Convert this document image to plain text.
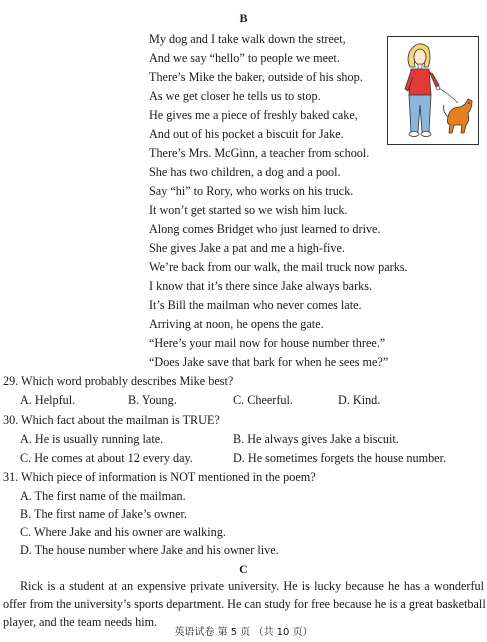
B
My dog and I take walk down the street,
And we say “hello” to people we meet.
There’s Mike the baker, outside of his shop.
As we get closer he tells us to stop.
He gives me a piece of freshly baked cake,
And out of his pocket a biscuit for Jake.
There’s Mrs. McGinn, a teacher from school.
She has two children, a dog and a pool.
Say “hi” to Rory, who works on his truck.
It won’t get started so we wish him luck.
Along comes Bridget who just learned to drive.
She gives Jake a pat and me a high-five.
We’re back from our walk, the mail truck now parks.
I know that it’s there since Jake always barks.
It’s Bill the mailman who never comes late.
Arriving at noon, he opens the gate.
“Here’s your mail now for house number three.”
“Does Jake save that bark for when he sees me?”
29. Which word probably describes Mike best?
A. Helpful.	B. Young.	C. Cheerful.	D. Kind.
30. Which fact about the mailman is TRUE?
A. He is usually running late.	B. He always gives Jake a biscuit.
C. He comes at about 12 every day.	D. He sometimes forgets the house number.
31. Which piece of information is NOT mentioned in the poem?
A. The first name of the mailman.
B. The first name of Jake’s owner.
C. Where Jake and his owner are walking.
D. The house number where Jake and his owner live.
C
Rick is a student at an expensive private university. He is lucky because he has a wonderful
offer from the university’s sports department. He can study for free because he is a great basketball
player, and the team needs him.
英语试卷 第 5 页 （共 10 页）
